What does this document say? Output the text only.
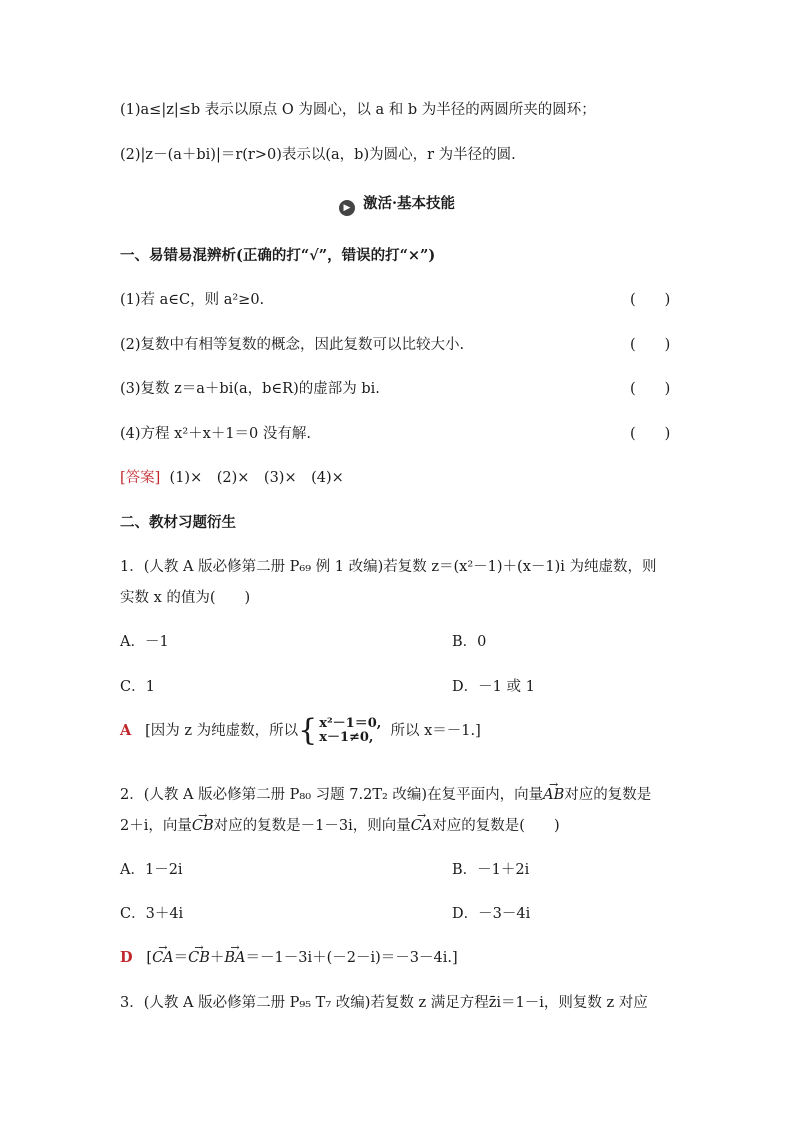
(1)a≤|z|≤b 表示以原点 O 为圆心，以 a 和 b 为半径的两圆所夹的圆环；
(2)|z－(a＋bi)|＝r(r>0)表示以(a，b)为圆心，r 为半径的圆.
▶ 激活·基本技能
一、易错易混辨析(正确的打“√”，错误的打“×”)
(1)若 a∈C，则 a²≥0.	(　　)
(2)复数中有相等复数的概念，因此复数可以比较大小.	(　　)
(3)复数 z＝a＋bi(a，b∈R)的虚部为 bi.	(　　)
(4)方程 x²＋x＋1＝0 没有解.	(　　)
[答案] (1)×　(2)×　(3)×　(4)×
二、教材习题衍生
1．(人教 A 版必修第二册 P₆₉ 例 1 改编)若复数 z＝(x²－1)＋(x－1)i 为纯虚数，则
实数 x 的值为(　　)
A．－1	B．0
C．1	D．－1 或 1
A [因为 z 为纯虚数，所以{ x²－1＝0,
x－1≠0, 所以 x＝－1.]
2．(人教 A 版必修第二册 P₈₀ 习题 7.2T₂ 改编)在复平面内，向量→ AB对应的复数是
2＋i，向量→ CB对应的复数是－1－3i，则向量→ CA对应的复数是(　　)
A．1－2i	B．－1＋2i
C．3＋4i	D．－3－4i
D [→ CA＝→ CB＋→ BA＝－1－3i＋(－2－i)＝－3－4i.]
3．(人教 A 版必修第二册 P₉₅ T₇ 改编)若复数 z 满足方程z̄i＝1－i，则复数 z 对应
